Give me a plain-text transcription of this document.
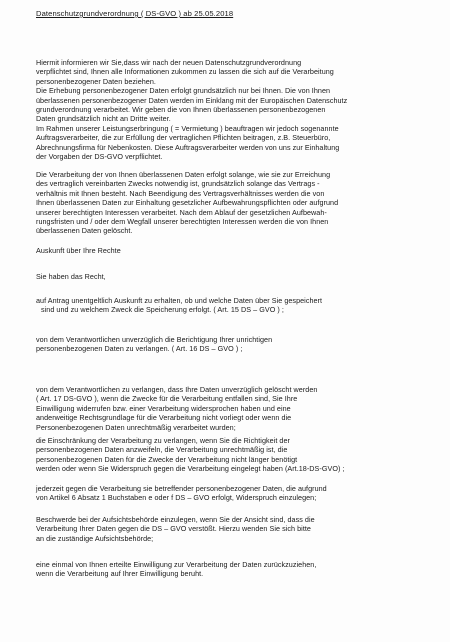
Datenschutzgrundverordnung ( DS-GVO ) ab 25.05.2018
Hiermit informieren wir Sie,dass wir nach der neuen Datenschutzgrundverordnung
verpflichtet sind, Ihnen alle Informationen zukommen zu lassen die sich auf die Verarbeitung
personenbezogener Daten beziehen.
Die Erhebung personenbezogener Daten erfolgt grundsätzlich nur bei Ihnen. Die von Ihnen
überlassenen personenbezogener Daten werden im Einklang mit der Europäischen Datenschutz
grundverordnung verarbeitet. Wir geben die von Ihnen überlassenen personenbezogenen
Daten grundsätzlich nicht an Dritte weiter.
Im Rahmen unserer Leistungserbringung ( = Vermietung ) beauftragen wir jedoch sogenannte
Auftragsverarbeiter, die zur Erfüllung der vertraglichen Pflichten beitragen, z.B. Steuerbüro,
Abrechnungsfirma für Nebenkosten. Diese Auftragsverarbeiter werden von uns zur Einhaltung
der Vorgaben der DS-GVO verpflichtet.
Die Verarbeitung der von Ihnen überlassenen Daten erfolgt solange, wie sie zur Erreichung
des vertraglich vereinbarten Zwecks notwendig ist, grundsätzlich solange das Vertrags -
verhältnis mit Ihnen besteht. Nach Beendigung des Vertragsverhältnisses werden die von
Ihnen überlassenen Daten zur Einhaltung gesetzlicher Aufbewahrungspflichten oder aufgrund
unserer berechtigten Interessen verarbeitet. Nach dem Ablauf der gesetzlichen Aufbewah-
rungsfristen und / oder dem Wegfall unserer berechtigten Interessen werden die von Ihnen
überlassenen Daten gelöscht.
Auskunft über Ihre Rechte
Sie haben das Recht,
auf Antrag unentgeltlich Auskunft zu erhalten, ob und welche Daten über Sie gespeichert
sind und zu welchem Zweck die Speicherung erfolgt. ( Art. 15 DS – GVO ) ;
von dem Verantwortlichen unverzüglich die Berichtigung Ihrer unrichtigen
personenbezogenen Daten zu verlangen. ( Art. 16 DS – GVO ) ;
von dem Verantwortlichen zu verlangen, dass Ihre Daten unverzüglich gelöscht werden
( Art. 17 DS-GVO ), wenn die Zwecke für die Verarbeitung entfallen sind, Sie Ihre
Einwilligung widerrufen bzw. einer Verarbeitung widersprochen haben und eine
anderweitige Rechtsgrundlage für die Verarbeitung nicht vorliegt oder wenn die
Personenbezogenen Daten unrechtmäßig verarbeitet wurden;
die Einschränkung der Verarbeitung zu verlangen, wenn Sie die Richtigkeit der
personenbezogenen Daten anzweifeln, die Verarbeitung unrechtmäßig ist, die
personenbezogenen Daten für die Zwecke der Verarbeitung nicht länger benötigt
werden oder wenn Sie Widerspruch gegen die Verarbeitung eingelegt haben (Art.18-DS-GVO) ;
jederzeit gegen die Verarbeitung sie betreffender personenbezogener Daten, die aufgrund
von Artikel 6 Absatz 1 Buchstaben e oder f DS – GVO erfolgt, Widerspruch einzulegen;
Beschwerde bei der Aufsichtsbehörde einzulegen, wenn Sie der Ansicht sind, dass die
Verarbeitung Ihrer Daten gegen die DS – GVO verstößt. Hierzu wenden Sie sich bitte
an die zuständige Aufsichtsbehörde;
eine einmal von Ihnen erteilte Einwilligung zur Verarbeitung der Daten zurückzuziehen,
wenn die Verarbeitung auf Ihrer Einwilligung beruht.
